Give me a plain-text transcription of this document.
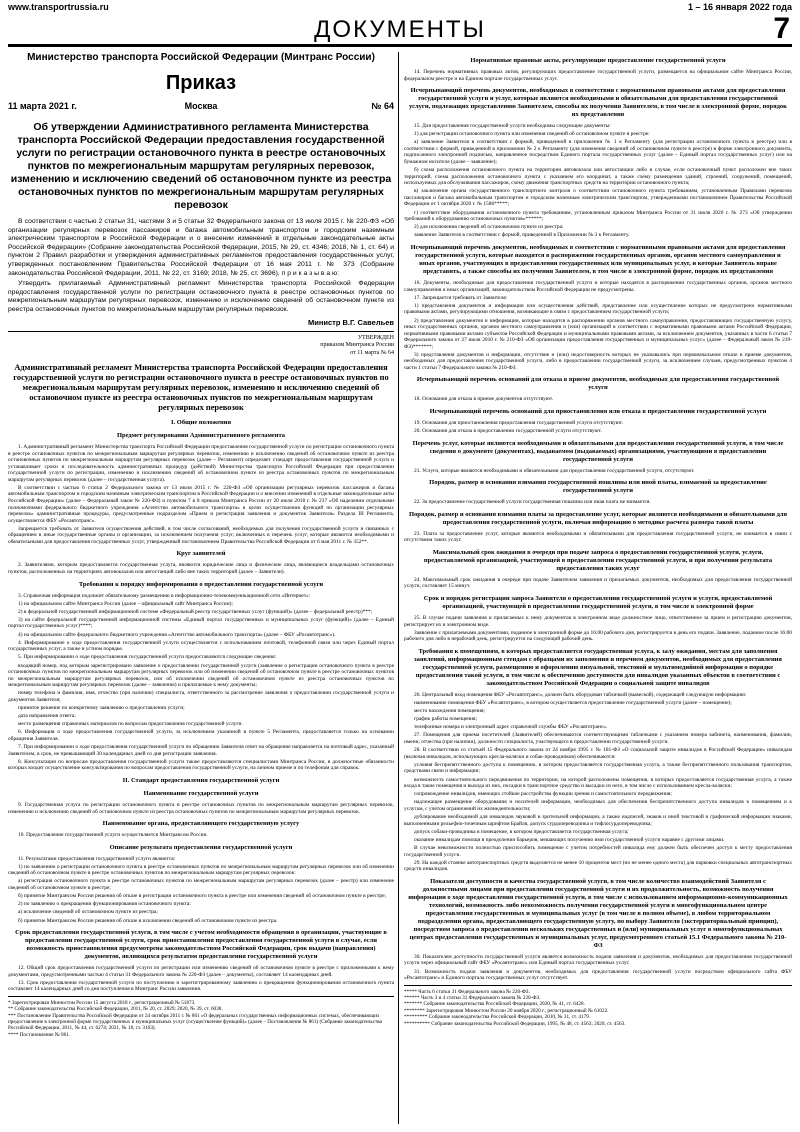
www.transportrussia.ru	1 – 16 января 2022 года
ДОКУМЕНТЫ	7
Министерство транспорта Российской Федерации (Минтранс России)
Приказ
11 марта 2021 г.	Москва	№ 64
Об утверждении Административного регламента Министерства транспорта Российской Федерации предоставления государственной услуги по регистрации остановочного пункта в реестре остановочных пунктов по межрегиональным маршрутам регулярных перевозок, изменению и исключению сведений об остановочном пункте из реестра остановочных пунктов по межрегиональным маршрутам регулярных перевозок

В соответствии с частью 2 статьи 31, частями 3 и 5 статьи 32 Федерального закона от 13 июля 2015 г. № 220-ФЗ «Об организации регулярных перевозок пассажиров и багажа автомобильным транспортом и городским наземным электрическим транспортом в Российской Федерации и о внесении изменений в отдельные законодательные акты Российской Федерации» (Собрание законодательства Российской Федерации, 2015, № 29, ст. 4346; 2018, № 1, ст. 64) и пунктом 2 Правил разработки и утверждения административных регламентов предоставления государственных услуг, утвержденных постановлением Правительства Российской Федерации от 16 мая 2011 г. № 373 (Собрание законодательства Российской Федерации, 2011, № 22, ст. 3169; 2018, № 25, ст. 3696), п р и к а з ы в а ю:

Утвердить прилагаемый Административный регламент Министерства транспорта Российской Федерации предоставления государственной услуги по регистрации остановочного пункта в реестре остановочных пунктов по межрегиональным маршрутам регулярных перевозок, изменению и исключению сведений об остановочном пункте из реестра остановочных пунктов по межрегиональным маршрутам регулярных перевозок.

Министр В.Г. Савельев
УТВЕРЖДЕН
приказом Минтранса России
от 11 марта № 64
Административный регламент Министерства транспорта Российской Федерации предоставления государственной услуги по регистрации остановочного пункта в реестре остановочных пунктов по межрегиональным маршрутам регулярных перевозок, изменению и исключению сведений об остановочном пункте из реестра остановочных пунктов по межрегиональным маршрутам регулярных перевозок
I. Общие положения
Предмет регулирования Административного регламента

1. Административный регламент Министерства транспорта Российской Федерации предоставления государственной услуги по регистрации остановочного пункта в реестре остановочных пунктов по межрегиональным маршрутам регулярных перевозок, изменению и исключению сведений об остановочном пункте из реестра остановочных пунктов по межрегиональным маршрутам регулярных перевозок (далее – Регламент) определяет стандарт предоставления государственной услуги и устанавливает сроки и последовательность административных процедур (действий) Министерства транспорта Российской Федерации при предоставлении государственной услуги по регистрации, изменению и исключению сведений об остановочном пункте из реестра остановочных пунктов по межрегиональным маршрутам регулярных перевозок (далее – государственная услуга).

В соответствии с частью 6 статьи 2 Федерального закона от 13 июля 2015 г. № 220-ФЗ «Об организации регулярных перевозок пассажиров и багажа автомобильным транспортом и городским наземным электрическим транспортом в Российской Федерации и о внесении изменений в отдельные законодательные акты Российской Федерации» (далее – Федеральный закон № 220-ФЗ) и пунктом 7 в 8 приказа Минтранса России от 20 июля 2018 г. № 237 «Об наделении отдельными полномочиями федерального бюджетного учреждения «Агентство автомобильного транспорта» в целях осуществления функций по организации регулярных перевозок» административные процедуры, предусмотренные подразделом «Прием и регистрация заявления и документов Заявителя» Раздела III Регламента, осуществляется ФБУ «Росавтотранс».

Запрещается требовать от Заявителя осуществления действий, в том числе согласований, необходимых для получения государственной услуги и связанных с обращением в иные государственные органы и организации, за исключением получения услуг, включенных в перечень услуг, которые являются необходимыми и обязательными для предоставления государственных услуг, утвержденный постановлением Правительства Российской Федерации от 6 мая 2011 г. № 352**.

Круг заявителей

2. Заявителями, которым предоставляется государственная услуга, являются юридические лица и физические лица, являющиеся владельцами остановочных пунктов, расположенных на территориях автовокзалов или автостанций либо вне таких территорий (далее – Заявители).

Требования к порядку информирования о предоставлении государственной услуги

3. Справочная информация подлежит обязательному размещению в информационно-телекоммуникационной сети «Интернет»:

1) на официальном сайте Минтранса России (далее – официальный сайт Минтранса России);

2) в федеральной государственной информационной системе «Федеральный реестр государственных услуг (функций)» (далее – федеральный реестр)***;

3) на сайте федеральной государственной информационной системы «Единый портал государственных и муниципальных услуг (функций)» (далее – Единый портал государственных услуг)****;

4) на официальном сайте федерального бюджетного учреждения «Агентство автомобильного транспорта» (далее – ФБУ «Росавтотранс»).

4. Информирование о ходе предоставления государственной услуги осуществляется с использованием почтовой, телефонной связи или через Единый портал государственных услуг, а также в устном порядке.

5. При информировании о ходе предоставления государственной услуги предоставляются следующие сведения:

входящий номер, под которым зарегистрировано заявление о предоставлении государственной услуги (заявление о регистрации остановочного пункта в реестре остановочных пунктов по межрегиональным маршрутам регулярных перевозок или об изменении сведений об остановочном пункте в реестре остановочных пунктов по межрегиональным маршрутам регулярных перевозок, или об исключении сведений об остановочном пункте из реестра остановочных пунктов по межрегиональным маршрутам регулярных перевозок (далее – заявление) и прилагаемые к нему документы;

номер телефона и фамилия, имя, отчество (при наличии) специалиста, ответственного за рассмотрение заявления о предоставлении государственной услуги и документов Заявителя;

принятое решение по конкретному заявлению о предоставлении услуги;

дата направления ответа;

место размещения справочных материалов по вопросам предоставления государственной услуги.

6. Информация о ходе предоставления государственной услуги, за исключением указанной в пункте 5 Регламента, предоставляется только на основании обращения Заявителя.

7. При информировании о ходе предоставления государственной услуги по обращению Заявителя ответ на обращение направляется на почтовый адрес, указанный Заявителем, в срок, не превышающий 30 календарных дней со дня регистрации заявления.

8. Консультации по вопросам предоставления государственной услуги также предоставляются специалистами Минтранса России, в должностные обязанности которых входит осуществление консультирования по вопросам предоставления государственной услуги, на личном приеме и по телефонам для справок.

II. Стандарт предоставления государственной услуги
Наименование государственной услуги

9. Государственная услуга по регистрации остановочного пункта в реестре остановочных пунктов по межрегиональным маршрутам регулярных перевозок, изменению и исключению сведений об остановочном пункте из реестра остановочных пунктов по межрегиональным маршрутам регулярных перевозок.

Наименование органа, предоставляющего государственную услугу

10. Предоставление государственной услуги осуществляется Минтрансом России.

Описание результата предоставления государственной услуги

11. Результатами предоставления государственной услуги являются:

1) по заявлению о регистрации остановочного пункта в реестре остановочных пунктов по межрегиональным маршрутам регулярных перевозок или об изменении сведений об остановочном пункте в реестре остановочных пунктов по межрегиональным маршрутам регулярных перевозок:

а) регистрация остановочного пункта в реестре остановочных пунктов по межрегиональным маршрутам регулярных перевозок (далее – реестр) или изменение сведений об остановочном пункте в реестре;

б) принятие Минтрансом России решения об отказе в регистрации остановочного пункта в реестре или изменения сведений об остановочном пункте в реестре;

2) по заявлению о прекращении функционирования остановочного пункта:

а) исключение сведений об остановочном пункте из реестра;

б) принятие Минтрансом России решения об отказе в исключении сведений об остановочном пункте из реестра.

Срок предоставления государственной услуги, в том числе с учетом необходимости обращения в организации, участвующие в предоставлении государственной услуги, срок приостановления предоставления государственной услуги в случае, если возможность приостановления предусмотрена законодательством Российской Федерации, срок выдачи (направления) документов, являющихся результатом предоставления государственной услуги

12. Общий срок предоставления государственной услуги по регистрации или изменению сведений об остановочном пункте в реестре с приложенными к нему документами, предусмотренными частью 4 статьи 31 Федерального закона № 220-ФЗ (далее – документы), составляет 14 календарных дней.

13. Срок предоставления государственной услуги по поступлению и зарегистрированному заявлению о прекращении функционирования остановочного пункта составляет 14 календарных дней со дня поступления в Минтранс России заявления.

* Зарегистрирован Минюстом России 15 августа 2018 г., регистрационный № 51873.

** Собрание законодательства Российской Федерации, 2011, № 20, ст. 2829; 2020, № 39, ст. 6038.

*** Постановление Правительства Российской Федерации от 24 октября 2011 г. № 861 «О федеральных государственных информационных системах, обеспечивающих предоставление в электронной форме государственных и муниципальных услуг (осуществление функций)» (далее – Постановление № 861) (Собрание законодательства Российской Федерации, 2011, № 44, ст. 6274; 2021, № 18, ст. 3163).

**** Постановление № 861.

Нормативные правовые акты, регулирующие предоставление государственной услуги

14. Перечень нормативных правовых актов, регулирующих предоставление государственной услуги, размещается на официальном сайте Минтранса России, федеральном реестре и на Едином портале государственных услуг.

Исчерпывающий перечень документов, необходимых в соответствии с нормативными правовыми актами для предоставления государственной услуги и услуг, которые являются необходимыми и обязательными для предоставления государственной услуги, подлежащих представлению Заявителем, способы их получения Заявителем, в том числе в электронной форме, порядок их представления

15. Для предоставления государственной услуги необходимы следующие документы:

1) для регистрации остановочного пункта или изменения сведений об остановочном пункте в реестре:

а) заявление Заявителя в соответствии с формой, приведенной в приложении № 1 к Регламенту (для регистрации остановочного пункта в реестре) или в соответствии с формой, приведенной в приложении № 2 к Регламенту (для изменения сведений об остановочном пункте в реестре) в форме электронного документа, подписанного электронной подписью, направленное посредством Единого портала государственных услуг (далее – Единый портал государственных услуг) или на бумажном носителе (далее – заявление);

б) схема расположения остановочного пункта на территории автовокзала или автостанции либо в случае, если остановочный пункт расположен вне таких территорий, схема расположения остановочного пункта с указанием его координат, а также схему размещения зданий, строений, сооружений, помещений, используемых для обслуживания пассажиров, схему движения транспортных средств на территории остановочного пункта;

в) заключение органа государственного транспортного контроля о соответствии остановочного пункта требованиям, установленным Правилами перевозок пассажиров и багажа автомобильным транспортом и городским наземным электрическим транспортом, утвержденными постановлением Правительства Российской Федерации от 1 октября 2020 г. № 1586*****;

г) соответствие оборудования остановочного пункта требованиям, установленным приказом Минтранса России от 31 июля 2020 г. № 273 «Об утверждении требований к оборудованию остановочных пунктов»******;

2) для исключения сведений об остановочном пункте из реестра:

заявление Заявителя в соответствии с формой, приведенной в Приложении № 3 к Регламенту.

Исчерпывающий перечень документов, необходимых в соответствии с нормативными правовыми актами для предоставления государственной услуги, которые находятся в распоряжении государственных органов, органов местного самоуправления и иных органов, участвующих в предоставлении государственных или муниципальных услуг, и которые Заявитель вправе представить, а также способы их получения Заявителем, в том числе в электронной форме, порядок их представления

16. Документы, необходимые для предоставления государственной услуги и которые находятся в распоряжении государственных органов, органов местного самоуправления и иных организаций, законодательством Российской Федерации не предусмотрены.

17. Запрещается требовать от Заявителя:

1) представления документов и информации или осуществления действий, представление или осуществление которых не предусмотрено нормативными правовыми актами, регулирующими отношения, возникающие в связи с предоставлением государственной услуги;

2) представления документов и информации, которые находятся в распоряжении органов местного самоуправления, предоставляющих государственную услугу, иных государственных органов, органов местного самоуправления и (или) организаций в соответствии с нормативными правовыми актами Российской Федерации, нормативными правовыми актами субъектов Российской Федерации и муниципальными правовыми актами, за исключением документов, указанных в части 6 статьи 7 Федерального закона от 27 июля 2010 г. № 210-ФЗ «Об организации предоставления государственных и муниципальных услуг» (далее – Федеральный закон № 210-ФЗ)*******;

3) представления документов и информации, отсутствие и (или) недостоверность которых не указывались при первоначальном отказе в приеме документов, необходимых для предоставления государственной услуги, либо в предоставлении государственной услуги, за исключением случаев, предусмотренных пунктом 4 части 1 статьи 7 Федерального закона № 210-ФЗ.

Исчерпывающий перечень оснований для отказа в приеме документов, необходимых для предоставления государственной услуги

18. Основания для отказа в приеме документов отсутствуют.

Исчерпывающий перечень оснований для приостановления или отказа в предоставлении государственной услуги

19. Основания для приостановления предоставления государственной услуги отсутствуют.

20. Основания для отказа в предоставлении государственной услуги отсутствуют.

Перечень услуг, которые являются необходимыми и обязательными для предоставления государственной услуги, в том числе сведения о документе (документах), выдаваемом (выдаваемых) организациями, участвующими в предоставлении государственной услуги

21. Услуги, которые являются необходимыми и обязательными для предоставления государственной услуги, отсутствуют.

Порядок, размер и основания взимания государственной пошлины или иной платы, взимаемой за предоставление государственной услуги

22. За предоставление государственной услуги государственная пошлина или иная плата не взимается.

Порядок, размер и основания взимания платы за предоставление услуг, которые являются необходимыми и обязательными для предоставления государственной услуги, включая информацию о методике расчета размера такой платы

23. Плата за предоставление услуг, которые являются необходимыми и обязательными для предоставления государственной услуги, не взимается в связи с отсутствием таких услуг.

Максимальный срок ожидания в очереди при подаче запроса о предоставлении государственной услуги, услуги, предоставляемой организацией, участвующей в предоставлении государственной услуги, и при получении результата предоставления таких услуг

24. Максимальный срок ожидания в очереди при подаче Заявителем заявления и прилагаемых документов, необходимых для предоставления государственной услуги, составляет 15 минут.

Срок и порядок регистрации запроса Заявителя о предоставлении государственной услуги и услуги, предоставляемой организацией, участвующей в предоставлении государственной услуги, в том числе в электронной форме

25. В случае подачи заявления и прилагаемых к нему документов в электронном виде должностное лицо, ответственное за прием и регистрацию документов, регистрирует их в электронном виде.

Заявление с прилагаемыми документами, поданное в электронной форме до 16:00 рабочего дня, регистрируется в день его подачи. Заявление, поданное после 16:00 рабочего дня либо в нерабочий день, регистрируется на следующий рабочий день.

Требования к помещениям, в которых предоставляется государственная услуга, к залу ожидания, местам для заполнения заявлений, информационным стендам с образцами их заполнения и перечнем документов, необходимых для предоставления государственной услуги, размещению и оформлению визуальной, текстовой и мультимедийной информации о порядке предоставления такой услуги, в том числе к обеспечению доступности для инвалидов указанных объектов в соответствии с законодательством Российской Федерации о социальной защите инвалидов

26. Центральный вход помещения ФБУ «Росавтотранс», должен быть оборудован табличкой (вывеской), содержащей следующую информацию:

наименование помещения ФБУ «Росавтотранс», в котором осуществляется предоставление государственной услуги (далее – помещение);

место нахождения помещения;

график работы помещения;

телефонные номера и электронный адрес справочной службы ФБУ «Росавтотранс».

27. Помещения для приема посетителей (Заявителей) обеспечиваются соответствующими табличками с указанием номера кабинета, наименования, фамилии, имени, отчества (при наличии), должности специалиста, участвующего в предоставлении государственной услуги.

28. В соответствии со статьей 15 Федерального закона от 24 ноября 1995 г. № 181-ФЗ «О социальной защите инвалидов в Российской Федерации» инвалидам (включая инвалидов, использующих кресла-коляски и собак-проводников) обеспечиваются:

условия беспрепятственного доступа к помещению, в котором предоставляется государственная услуга, а также беспрепятственного пользования транспортом, средствами связи и информации;

возможность самостоятельного передвижения по территории, на которой расположены помещения, в которых предоставляется государственная услуга, а также входа в такие помещения и выхода из них, посадки в транспортное средство и высадки из него, в том числе с использованием кресла-коляски;

сопровождение инвалидов, имеющих стойкие расстройства функции зрения и самостоятельного передвижения;

надлежащее размещение оборудования и носителей информации, необходимых для обеспечения беспрепятственного доступа инвалидов к помещениям и к услугам, с учетом ограничений их жизнедеятельности;

дублирование необходимой для инвалидов звуковой и зрительной информации, а также надписей, знаков и иной текстовой и графической информации знаками, выполненными рельефно-точечным шрифтом Брайля, допуск сурдопереводчика и тифлосурдопереводчика;

допуск собаки-проводника в помещение, в котором предоставляется государственная услуга;

оказание инвалидам помощи в преодолении барьеров, мешающих получению ими государственной услуги наравне с другими лицами.

В случае невозможности полностью приспособить помещение с учетом потребностей инвалида ему должен быть обеспечен доступ к месту предоставления государственной услуги.

29. На каждой стоянке автотранспортных средств выделяется не менее 10 процентов мест (но не менее одного места) для парковки специальных автотранспортных средств инвалидов.

Показатели доступности и качества государственной услуги, в том числе количество взаимодействий Заявителя с должностными лицами при предоставлении государственной услуги и их продолжительность, возможность получения информации о ходе предоставления государственной услуги, в том числе с использованием информационно-коммуникационных технологий, возможность либо невозможность получения государственной услуги в многофункциональном центре предоставления государственных и муниципальных услуг (в том числе в полном объеме), в любом территориальном подразделении органа, предоставляющего государственную услугу, по выбору Заявителя (экстерриториальный принцип), посредством запроса о предоставлении нескольких государственных и (или) муниципальных услуг в многофункциональных центрах предоставления государственных и муниципальных услуг, предусмотренного статьей 15.1 Федерального закона № 210-ФЗ

30. Показателем доступности государственной услуги является возможность подачи заявления и документов, необходимых для предоставления государственной услуги через официальный сайт ФБУ «Росавтотранс» или Единый портал государственных услуг.

31. Возможность подачи заявления и документов, необходимых для предоставления государственной услуги посредством официального сайта ФБУ «Росавтотранс» и Единого портала государственных услуг отсутствует.

***** Часть 6 статьи 31 Федерального закона № 220-ФЗ.

****** Часть 3 и 4 статьи 31 Федерального закона № 220-ФЗ.

******* Собрание законодательства Российской Федерации, 2020, № 41, ст. 6428.

******** Зарегистрирован Минюстом России 20 ноября 2020 г., регистрационный № 61022.

********* Собрание законодательства Российской Федерации, 2010, № 31, ст. 4179.

********** Собрание законодательства Российской Федерации, 1995, № 48, ст. 4563; 2020, ст. 4563.
